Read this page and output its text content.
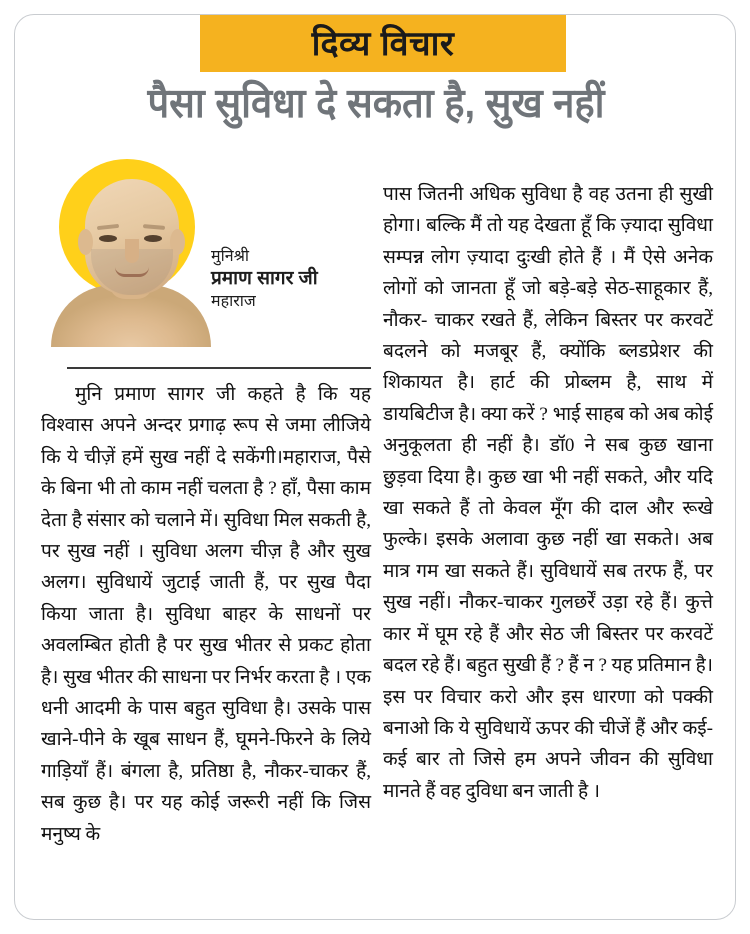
दिव्य विचार
पैसा सुविधा दे सकता है, सुख नहीं
मुनिश्री
प्रमाण सागर जी
महाराज
मुनि प्रमाण सागर जी कहते है कि यह विश्वास अपने अन्दर प्रगाढ़ रूप से जमा लीजिये कि ये चीज़ें हमें सुख नहीं दे सकेंगी।महाराज, पैसे के बिना भी तो काम नहीं चलता है ? हाँ, पैसा काम देता है संसार को चलाने में। सुविधा मिल सकती है, पर सुख नहीं । सुविधा अलग चीज़ है और सुख अलग। सुविधायें जुटाई जाती हैं, पर सुख पैदा किया जाता है। सुविधा बाहर के साधनों पर अवलम्बित होती है पर सुख भीतर से प्रकट होता है। सुख भीतर की साधना पर निर्भर करता है । एक धनी आदमी के पास बहुत सुविधा है। उसके पास खाने-पीने के खूब साधन हैं, घूमने-फिरने के लिये गाड़ियाँ हैं। बंगला है, प्रतिष्ठा है, नौकर-चाकर हैं, सब कुछ है। पर यह कोई जरूरी नहीं कि जिस मनुष्य के
पास जितनी अधिक सुविधा है वह उतना ही सुखी होगा। बल्कि मैं तो यह देखता हूँ कि ज़्यादा सुविधा सम्पन्न लोग ज़्यादा दुःखी होते हैं । मैं ऐसे अनेक लोगों को जानता हूँ जो बड़े-बड़े सेठ-साहूकार हैं, नौकर- चाकर रखते हैं, लेकिन बिस्तर पर करवटें बदलने को मजबूर हैं, क्योंकि ब्लडप्रेशर की शिकायत है। हार्ट की प्रोब्लम है, साथ में डायबिटीज है। क्या करें ? भाई साहब को अब कोई अनुकूलता ही नहीं है। डॉ0 ने सब कुछ खाना छुड़वा दिया है। कुछ खा भी नहीं सकते, और यदि खा सकते हैं तो केवल मूँग की दाल और रूखे फुल्के। इसके अलावा कुछ नहीं खा सकते। अब मात्र गम खा सकते हैं। सुविधायें सब तरफ हैं, पर सुख नहीं। नौकर-चाकर गुलछर्रें उड़ा रहे हैं। कुत्ते कार में घूम रहे हैं और सेठ जी बिस्तर पर करवटें बदल रहे हैं। बहुत सुखी हैं ? हैं न ? यह प्रतिमान है। इस पर विचार करो और इस धारणा को पक्की बनाओ कि ये सुविधायें ऊपर की चीजें हैं और कई-कई बार तो जिसे हम अपने जीवन की सुविधा मानते हैं वह दुविधा बन जाती है ।
